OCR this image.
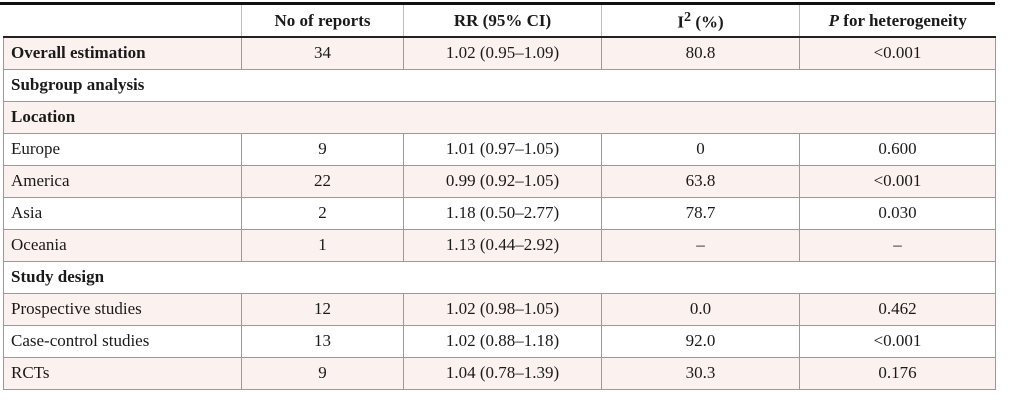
	No of reports	RR (95% CI)	$I^2$ (%)	P for heterogeneity
Overall estimation	34	1.02 (0.95–1.09)	80.8	<0.001
Subgroup analysis				
Location				
Europe	9	1.01 (0.97–1.05)	0	0.600
America	22	0.99 (0.92–1.05)	63.8	<0.001
Asia	2	1.18 (0.50–2.77)	78.7	0.030
Oceania	1	1.13 (0.44–2.92)	–	–
Study design				
Prospective studies	12	1.02 (0.98–1.05)	0.0	0.462
Case-control studies	13	1.02 (0.88–1.18)	92.0	<0.001
RCTs	9	1.04 (0.78–1.39)	30.3	0.176
